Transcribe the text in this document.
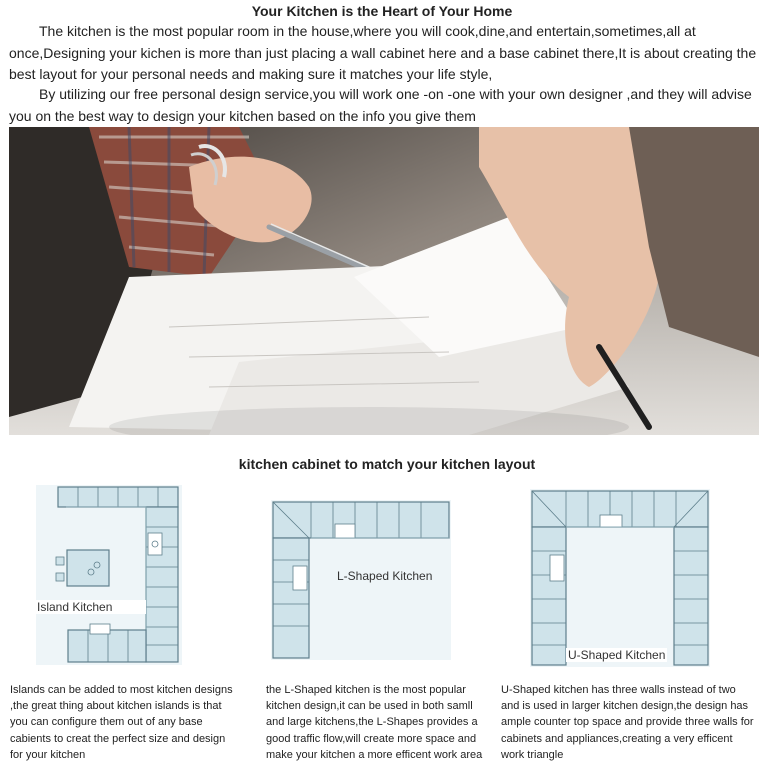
Your Kitchen is the Heart of Your Home

The kitchen is the most popular room in the house,where you will cook,dine,and entertain,sometimes,all at once,Designing your kichen is more than just placing a wall cabinet here and a base cabinet there,It is about creating the best layout for your personal needs and making sure it matches your life style,

By utilizing our free personal design service,you will work one -on -one with your own designer ,and they will advise you on the best way to design your kitchen based on the info you give them

kitchen cabinet to match your kitchen layout
Island Kitchen
L-Shaped Kitchen
U-Shaped Kitchen

Islands can be added to most kitchen designs ,the great thing about kitchen islands is that you can configure them out of any base cabients to creat the perfect size and design for your kitchen

the L-Shaped kitchen is the most popular kitchen design,it can be used in both samll and large kitchens,the L-Shapes provides a good traffic flow,will create more space and make your kitchen a more efficent work area

U-Shaped kitchen has three walls instead of two and is used in larger kitchen design,the design has ample counter top space and provide three walls for cabinets and appliances,creating a very efficent work triangle
